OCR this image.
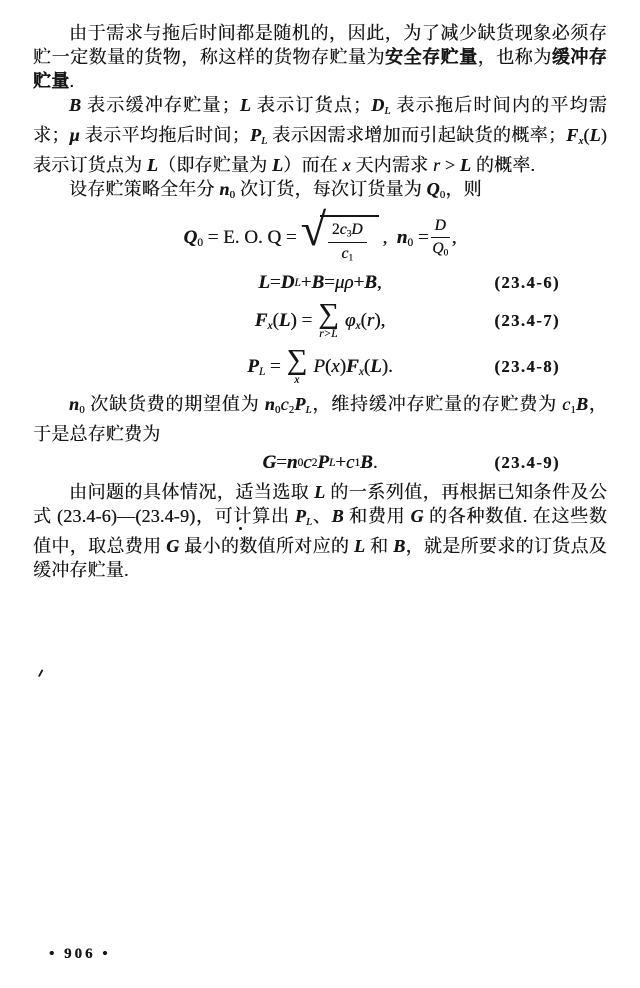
由于需求与拖后时间都是随机的，因此，为了减少缺货现象必须存贮一定数量的货物，称这样的货物存贮量为安全存贮量，也称为缓冲存贮量.

B 表示缓冲存贮量；L 表示订货点；DL 表示拖后时间内的平均需求；μ 表示平均拖后时间；PL 表示因需求增加而引起缺货的概率；Fx(L) 表示订货点为 L（即存贮量为 L）而在 x 天内需求 r > L 的概率.

设存贮策略全年分 n0 次订货，每次订货量为 Q0，则

Q0 = E. O. Q = √ $\frac{2c3D}{c1}$ ,  $n0 = \frac{D}{Q0}$ ,
L = D L + B = μρ + B ,	(23.4-6)
Fx(L) = ∑
r>L
φx(r),	(23.4-7)
PL = ∑
x
P(x)Fx(L).	(23.4-8)

n0 次缺货费的期望值为 n0c2PL，维持缓冲存贮量的存贮费为 c1B，于是总存贮费为

G = n 0 c 2 P L + c 1 B .	(23.4-9)

由问题的具体情况，适当选取 L 的一系列值，再根据已知条件及公式 (23.4-6)—(23.4-9)，可计算出 PL、B 和费用 G 的各种数值. 在这些数值中，取总费用 G 最小的数值所对应的 L 和 B，就是所要求的订货点及缓冲存贮量.

• 906 •
